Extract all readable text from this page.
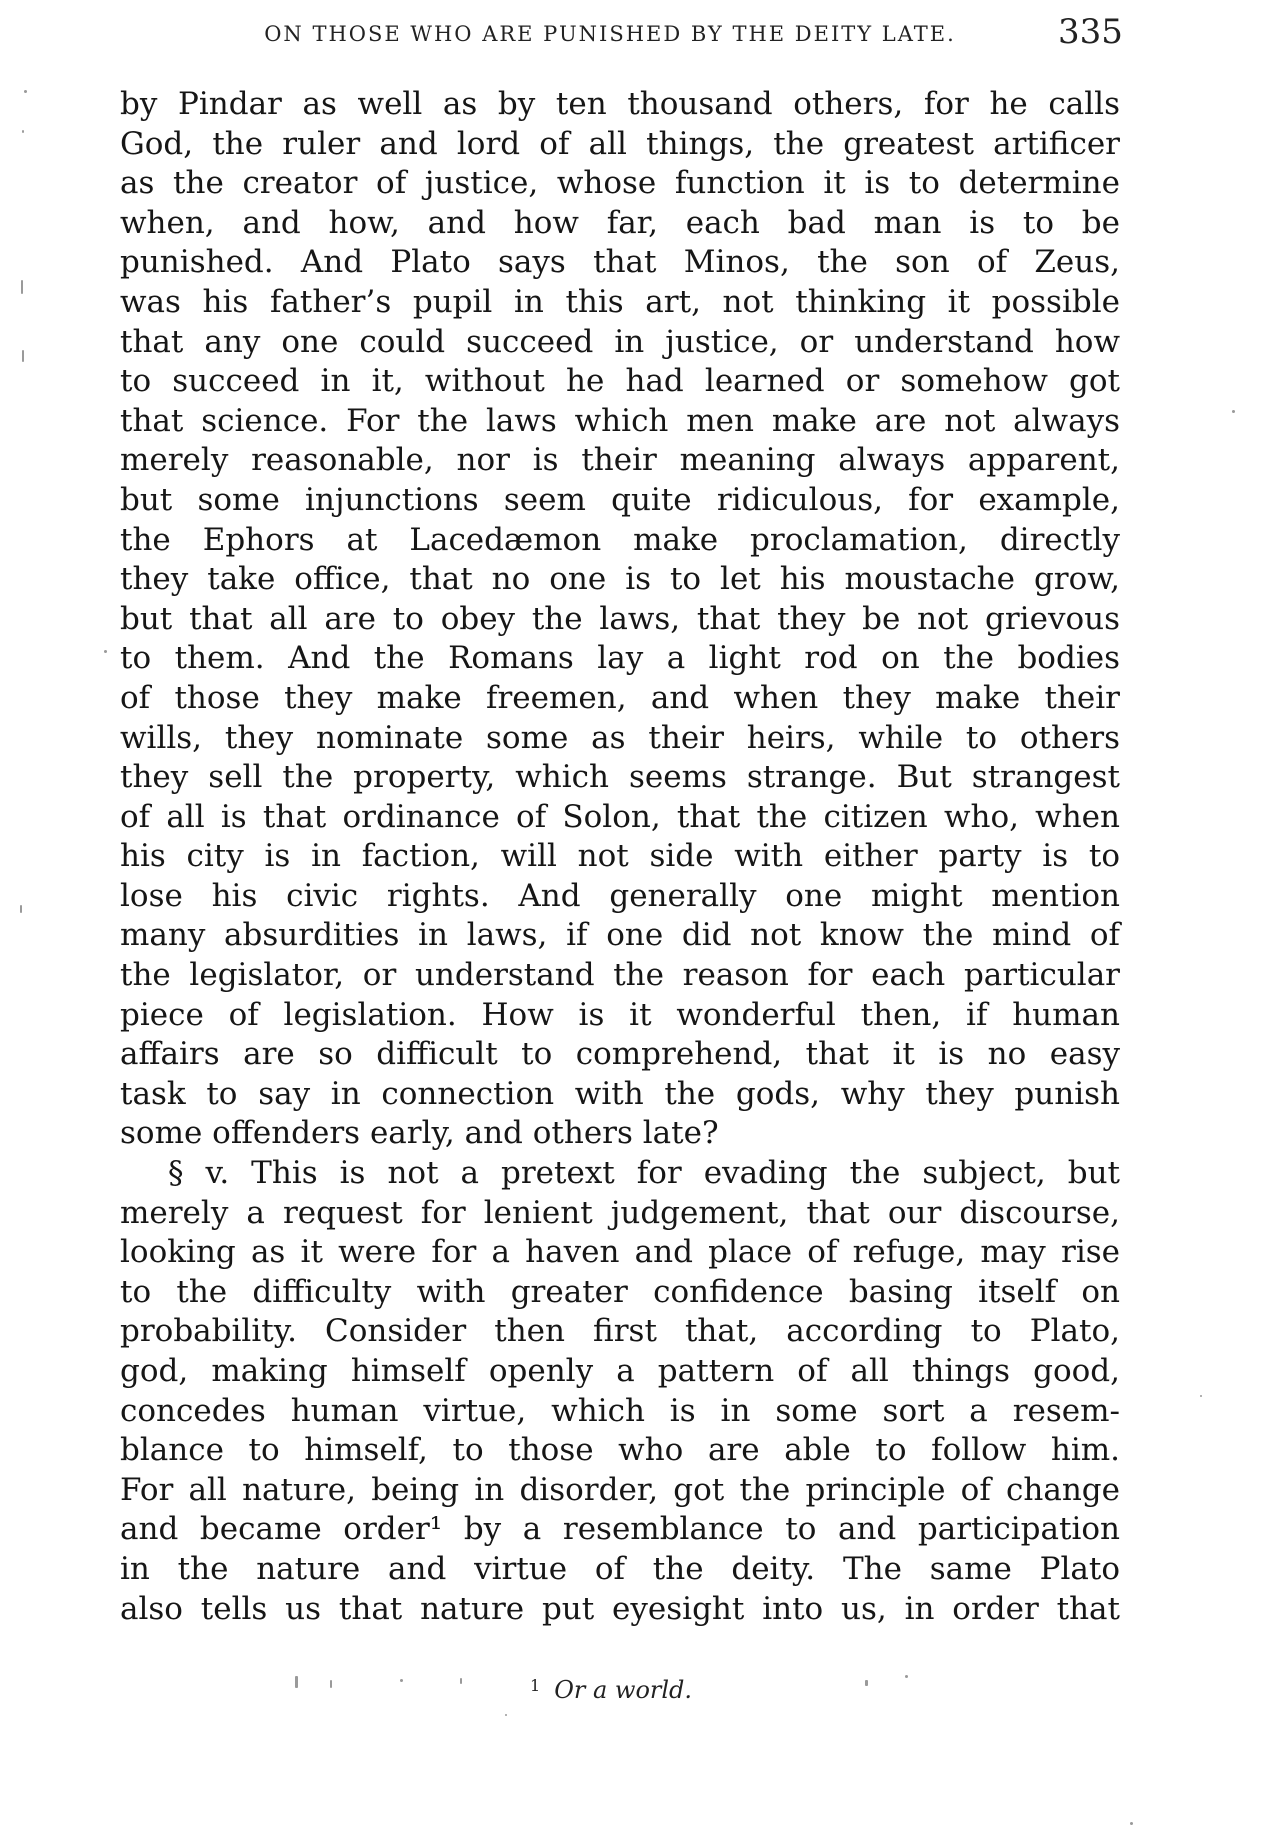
ON THOSE WHO ARE PUNISHED BY THE DEITY LATE.	335
by Pindar as well as by ten thousand others, for he calls
God, the ruler and lord of all things, the greatest artificer
as the creator of justice, whose function it is to determine
when, and how, and how far, each bad man is to be
punished. And Plato says that Minos, the son of Zeus,
was his father’s pupil in this art, not thinking it possible
that any one could succeed in justice, or understand how
to succeed in it, without he had learned or somehow got
that science. For the laws which men make are not always
merely reasonable, nor is their meaning always apparent,
but some injunctions seem quite ridiculous, for example,
the Ephors at Lacedæmon make proclamation, directly
they take office, that no one is to let his moustache grow,
but that all are to obey the laws, that they be not grievous
to them. And the Romans lay a light rod on the bodies
of those they make freemen, and when they make their
wills, they nominate some as their heirs, while to others
they sell the property, which seems strange. But strangest
of all is that ordinance of Solon, that the citizen who, when
his city is in faction, will not side with either party is to
lose his civic rights. And generally one might mention
many absurdities in laws, if one did not know the mind of
the legislator, or understand the reason for each particular
piece of legislation. How is it wonderful then, if human
affairs are so difficult to comprehend, that it is no easy
task to say in connection with the gods, why they punish
some offenders early, and others late?
§ v. This is not a pretext for evading the subject, but
merely a request for lenient judgement, that our discourse,
looking as it were for a haven and place of refuge, may rise
to the difficulty with greater confidence basing itself on
probability. Consider then first that, according to Plato,
god, making himself openly a pattern of all things good,
concedes human virtue, which is in some sort a resem-
blance to himself, to those who are able to follow him.
For all nature, being in disorder, got the principle of change
and became order¹ by a resemblance to and participation
in the nature and virtue of the deity. The same Plato
also tells us that nature put eyesight into us, in order that
$^1$ Or a world.
